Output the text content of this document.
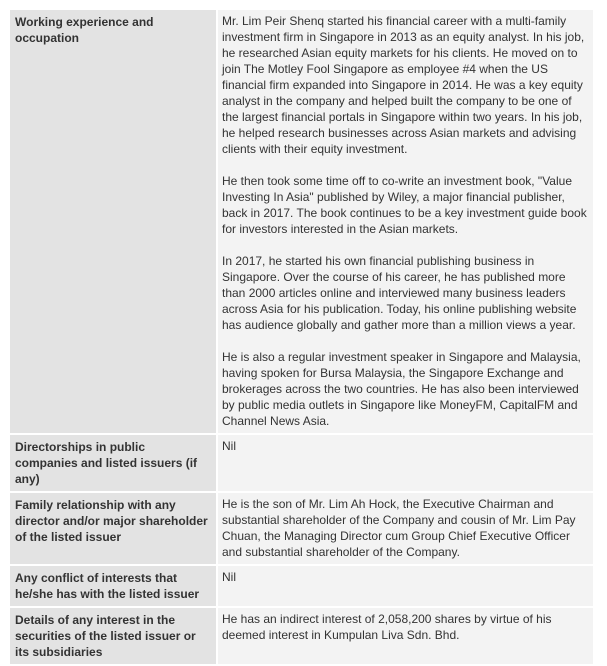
Working experience and occupation	Mr. Lim Peir Shenq started his financial career with a multi-family investment firm in Singapore in 2013 as an equity analyst. In his job, he researched Asian equity markets for his clients. He moved on to join The Motley Fool Singapore as employee #4 when the US financial firm expanded into Singapore in 2014. He was a key equity analyst in the company and helped built the company to be one of the largest financial portals in Singapore within two years. In his job, he helped research businesses across Asian markets and advising clients with their equity investment.

He then took some time off to co-write an investment book, "Value Investing In Asia" published by Wiley, a major financial publisher, back in 2017. The book continues to be a key investment guide book for investors interested in the Asian markets.

In 2017, he started his own financial publishing business in Singapore. Over the course of his career, he has published more than 2000 articles online and interviewed many business leaders across Asia for his publication. Today, his online publishing website has audience globally and gather more than a million views a year.

He is also a regular investment speaker in Singapore and Malaysia, having spoken for Bursa Malaysia, the Singapore Exchange and brokerages across the two countries. He has also been interviewed by public media outlets in Singapore like MoneyFM, CapitalFM and Channel News Asia.

Directorships in public companies and listed issuers (if any)	Nil

Family relationship with any director and/or major shareholder of the listed issuer	He is the son of Mr. Lim Ah Hock, the Executive Chairman and substantial shareholder of the Company and cousin of Mr. Lim Pay Chuan, the Managing Director cum Group Chief Executive Officer and substantial shareholder of the Company.

Any conflict of interests that he/she has with the listed issuer	Nil

Details of any interest in the securities of the listed issuer or its subsidiaries	He has an indirect interest of 2,058,200 shares by virtue of his deemed interest in Kumpulan Liva Sdn. Bhd.
